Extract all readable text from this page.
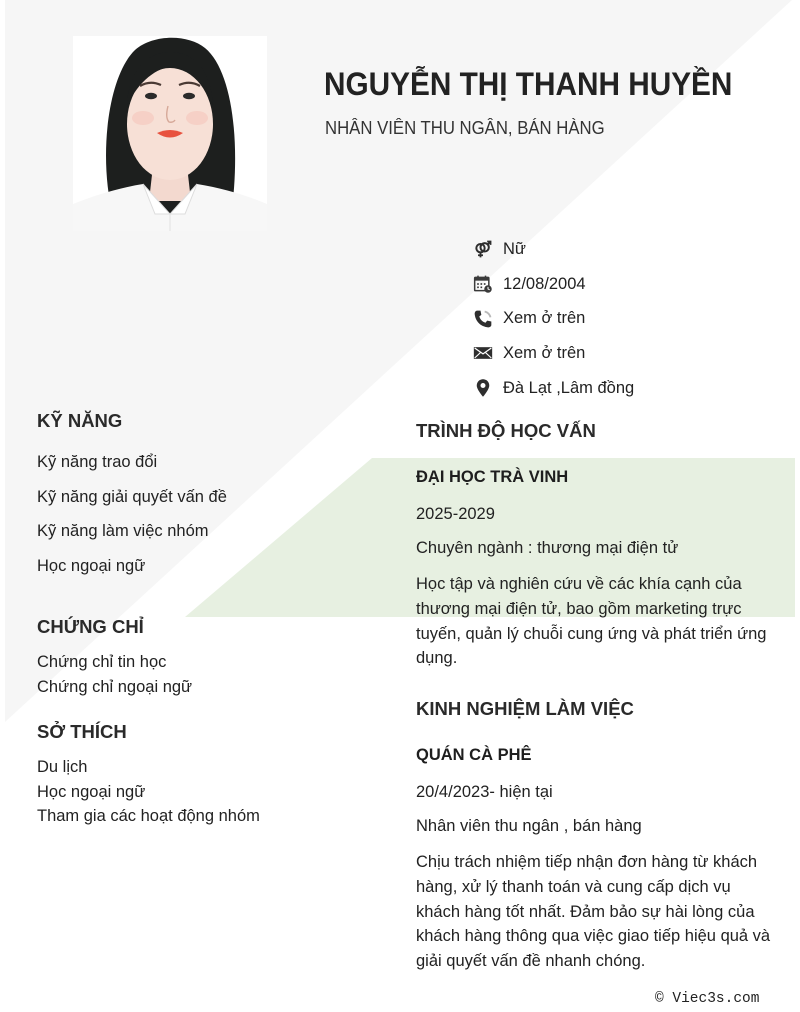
NGUYỄN THỊ THANH HUYỀN
NHÂN VIÊN THU NGÂN, BÁN HÀNG
Nữ
12/08/2004
Xem ở trên
Xem ở trên
Đà Lạt ,Lâm đồng
KỸ NĂNG
Kỹ năng trao đổi
Kỹ năng giải quyết vấn đề
Kỹ năng làm việc nhóm
Học ngoại ngữ
CHỨNG CHỈ
Chứng chỉ tin học
Chứng chỉ ngoại ngữ
SỞ THÍCH
Du lịch
Học ngoại ngữ
Tham gia các hoạt động nhóm
TRÌNH ĐỘ HỌC VẤN
ĐẠI HỌC TRÀ VINH
2025-2029
Chuyên ngành : thương mại điện tử
Học tập và nghiên cứu về các khía cạnh của thương mại điện tử, bao gồm marketing trực tuyến, quản lý chuỗi cung ứng và phát triển ứng dụng.
KINH NGHIỆM LÀM VIỆC
QUÁN CÀ PHÊ
20/4/2023- hiện tại
Nhân viên thu ngân , bán hàng
Chịu trách nhiệm tiếp nhận đơn hàng từ khách hàng, xử lý thanh toán và cung cấp dịch vụ khách hàng tốt nhất. Đảm bảo sự hài lòng của khách hàng thông qua việc giao tiếp hiệu quả và giải quyết vấn đề nhanh chóng.
© Viec3s.com
